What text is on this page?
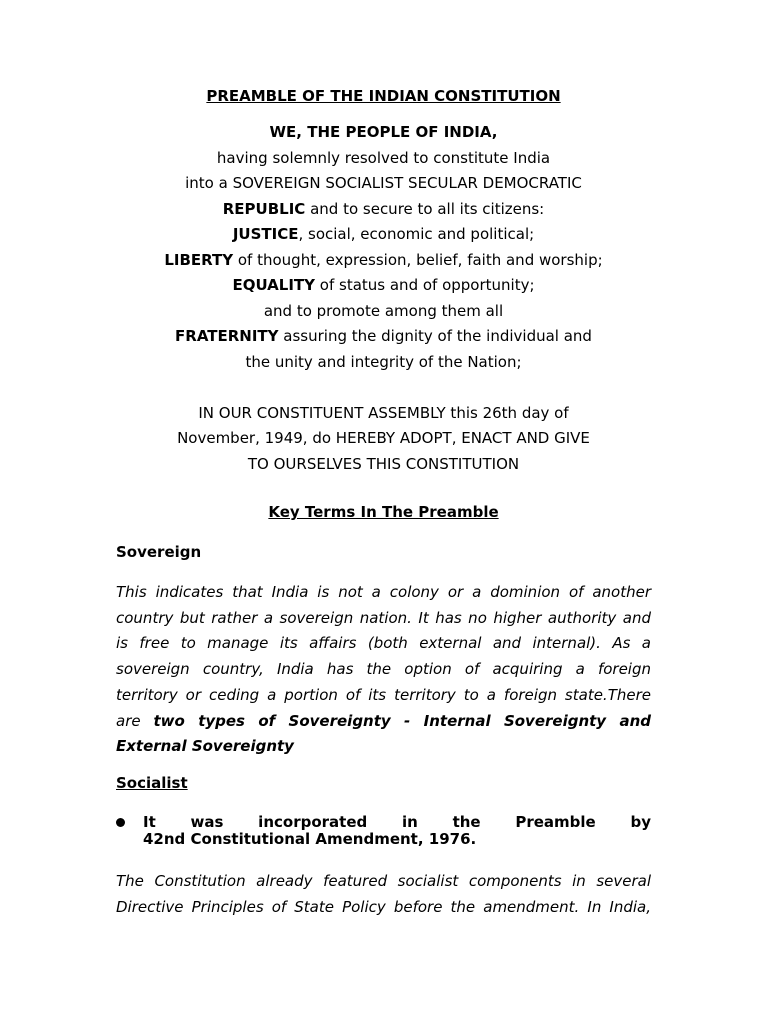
PREAMBLE OF THE INDIAN CONSTITUTION
WE, THE PEOPLE OF INDIA,
having solemnly resolved to constitute India
into a SOVEREIGN SOCIALIST SECULAR DEMOCRATIC
REPUBLIC and to secure to all its citizens:
JUSTICE, social, economic and political;
LIBERTY of thought, expression, belief, faith and worship;
EQUALITY of status and of opportunity;
and to promote among them all
FRATERNITY assuring the dignity of the individual and
the unity and integrity of the Nation;
IN OUR CONSTITUENT ASSEMBLY this 26th day of
November, 1949, do HEREBY ADOPT, ENACT AND GIVE
TO OURSELVES THIS CONSTITUTION
Key Terms In The Preamble
Sovereign
This indicates that India is not a colony or a dominion of another
country but rather a sovereign nation. It has no higher authority and
is free to manage its affairs (both external and internal). As a
sovereign country, India has the option of acquiring a foreign
territory or ceding a portion of its territory to a foreign state.There
are two types of Sovereignty - Internal Sovereignty and
External Sovereignty
Socialist
It was incorporated in the Preamble by
42nd Constitutional Amendment, 1976.
The Constitution already featured socialist components in several
Directive Principles of State Policy before the amendment. In India,
